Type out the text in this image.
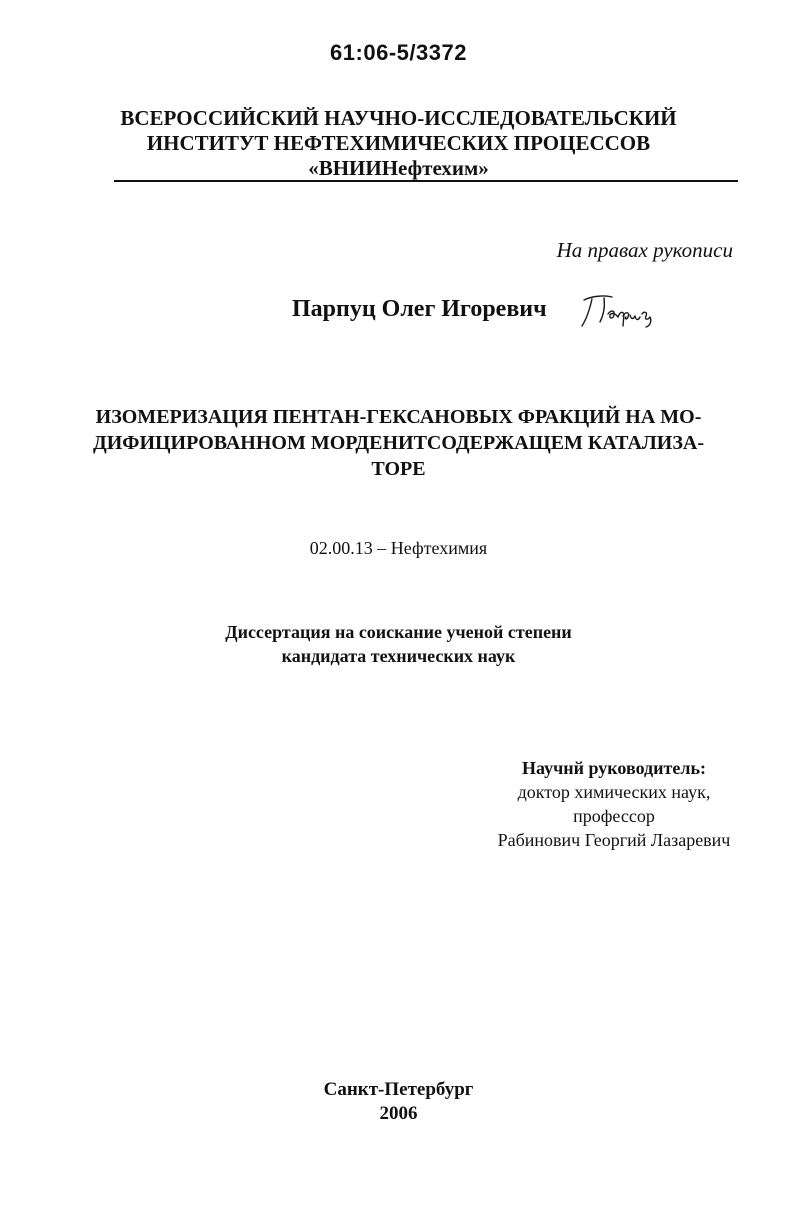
61:06-5/3372
ВСЕРОССИЙСКИЙ НАУЧНО-ИССЛЕДОВАТЕЛЬСКИЙ
ИНСТИТУТ НЕФТЕХИМИЧЕСКИХ ПРОЦЕССОВ
«ВНИИНефтехим»
На правах рукописи
Парпуц Олег Игоревич
ИЗОМЕРИЗАЦИЯ ПЕНТАН-ГЕКСАНОВЫХ ФРАКЦИЙ НА МО-
ДИФИЦИРОВАННОМ МОРДЕНИТСОДЕРЖАЩЕМ КАТАЛИЗА-
ТОРЕ
02.00.13 – Нефтехимия
Диссертация на соискание ученой степени
кандидата технических наук
Научнй руководитель:
доктор химических наук,
профессор
Рабинович Георгий Лазаревич
Санкт-Петербург
2006
